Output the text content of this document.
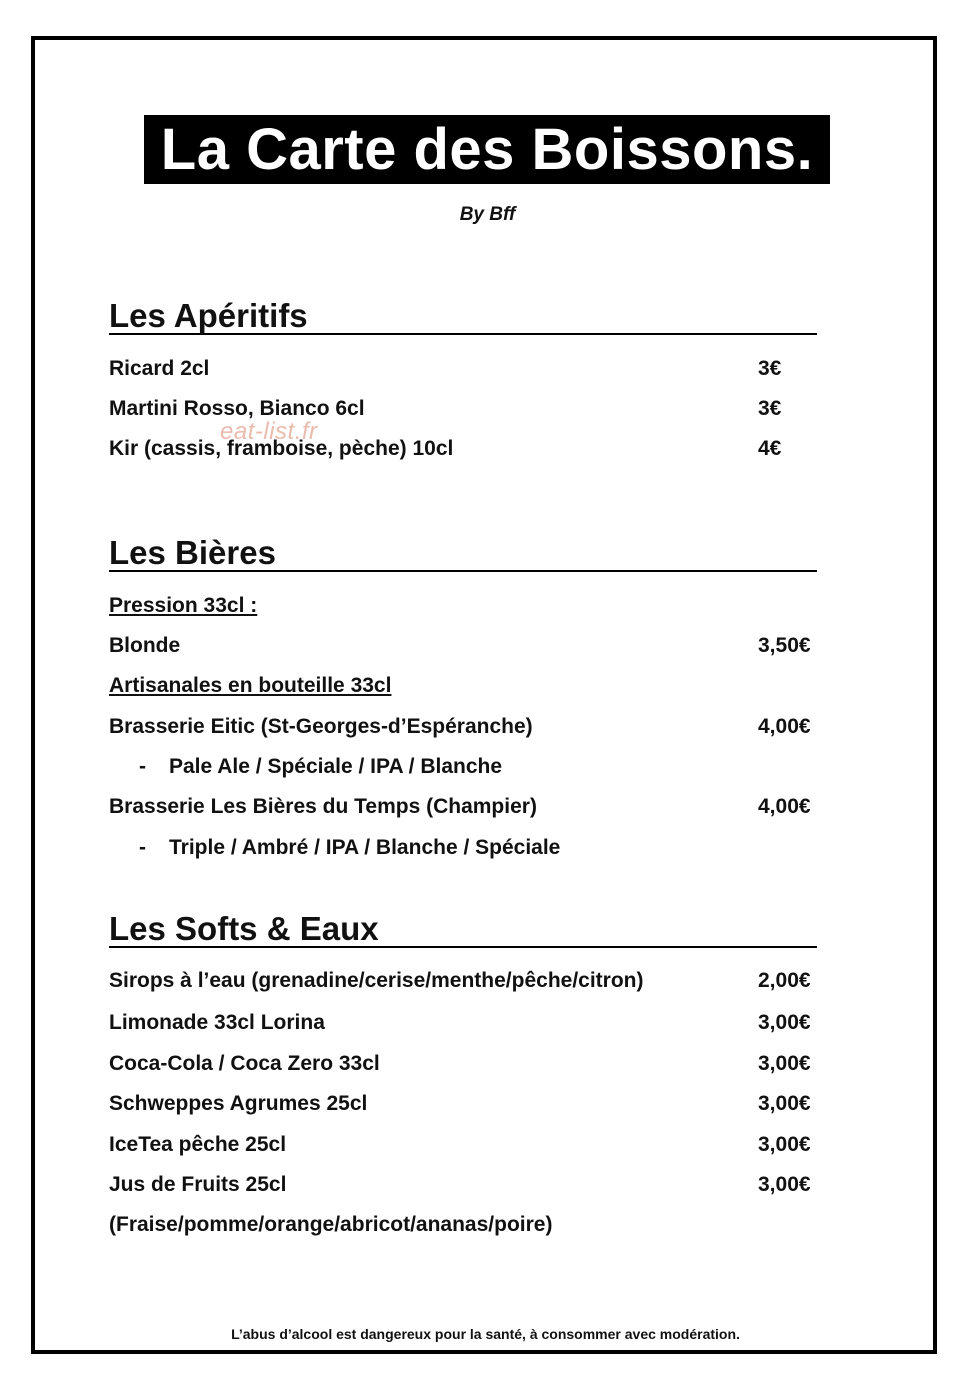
La Carte des Boissons.
By Bff
Les Apéritifs
Ricard 2cl	3€
Martini Rosso, Bianco 6cl	3€
Kir (cassis, framboise, pèche) 10cl	4€
eat-list.fr
Les Bières
Pression 33cl :
Blonde	3,50€
Artisanales en bouteille 33cl
Brasserie Eitic (St-Georges-d’Espéranche)	4,00€
- Pale Ale / Spéciale / IPA / Blanche
Brasserie Les Bières du Temps (Champier)	4,00€
- Triple / Ambré / IPA / Blanche / Spéciale
Les Softs & Eaux
Sirops à l’eau (grenadine/cerise/menthe/pêche/citron)	2,00€
Limonade 33cl Lorina	3,00€
Coca-Cola / Coca Zero 33cl	3,00€
Schweppes Agrumes 25cl	3,00€
IceTea pêche 25cl	3,00€
Jus de Fruits 25cl	3,00€
(Fraise/pomme/orange/abricot/ananas/poire)
L’abus d’alcool est dangereux pour la santé, à consommer avec modération.
